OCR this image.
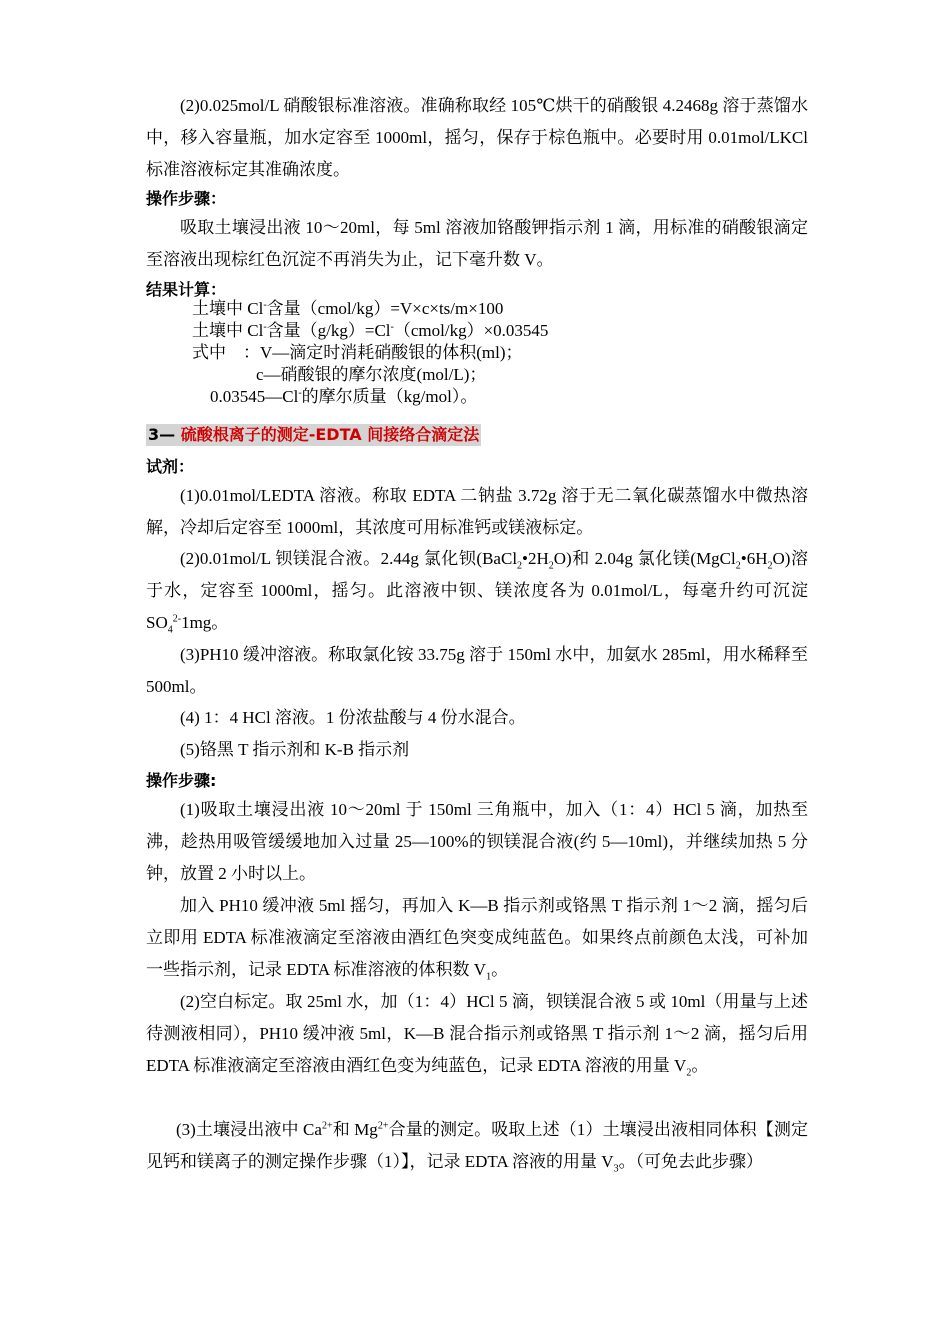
(2)0.025mol/L 硝酸银标准溶液。准确称取经 105℃烘干的硝酸银 4.2468g 溶于蒸馏水中，移入容量瓶，加水定容至 1000ml，摇匀，保存于棕色瓶中。必要时用 0.01mol/LKCl 标准溶液标定其准确浓度。

操作步骤：

吸取土壤浸出液 10～20ml，每 5ml 溶液加铬酸钾指示剂 1 滴，用标准的硝酸银滴定至溶液出现棕红色沉淀不再消失为止，记下毫升数 V。

结果计算：

土壤中 Cl-含量（cmol/kg）=V×c×ts/m×100

土壤中 Cl-含量（g/kg）=Cl-（cmol/kg）×0.03545

式中　：V—滴定时消耗硝酸银的体积(ml)；

c—硝酸银的摩尔浓度(mol/L)；

0.03545—Cl-的摩尔质量（kg/mol）。

3— 硫酸根离子的测定-EDTA 间接络合滴定法

试剂：

(1)0.01mol/LEDTA 溶液。称取 EDTA 二钠盐 3.72g 溶于无二氧化碳蒸馏水中微热溶解，冷却后定容至 1000ml，其浓度可用标准钙或镁液标定。

(2)0.01mol/L 钡镁混合液。2.44g 氯化钡$(BaCl_2•2H_2O)$和 2.04g 氯化镁$(MgCl_2•6H_2O)$溶于水，定容至 1000ml，摇匀。此溶液中钡、镁浓度各为 0.01mol/L，每毫升约可沉淀 $SO_4^{2-}1mg$。

(3)PH10 缓冲溶液。称取氯化铵 33.75g 溶于 150ml 水中，加氨水 285ml，用水稀释至 500ml。

(4) 1：4 HCl 溶液。1 份浓盐酸与 4 份水混合。

(5)铬黑 T 指示剂和 K-B 指示剂

操作步骤:

(1)吸取土壤浸出液 10～20ml 于 150ml 三角瓶中，加入（1：4）HCl 5 滴，加热至沸，趁热用吸管缓缓地加入过量 25—100%的钡镁混合液(约 5—10ml)，并继续加热 5 分钟，放置 2 小时以上。

加入 PH10 缓冲液 5ml 摇匀，再加入 K—B 指示剂或铬黑 T 指示剂 1～2 滴，摇匀后立即用 EDTA 标准液滴定至溶液由酒红色突变成纯蓝色。如果终点前颜色太浅，可补加一些指示剂，记录 EDTA 标准溶液的体积数 $V_1$。

(2)空白标定。取 25ml 水，加（1：4）HCl 5 滴，钡镁混合液 5 或 10ml（用量与上述待测液相同），PH10 缓冲液 5ml，K—B 混合指示剂或铬黑 T 指示剂 1～2 滴，摇匀后用 EDTA 标准液滴定至溶液由酒红色变为纯蓝色，记录 EDTA 溶液的用量 $V_2$。

(3)土壤浸出液中 $Ca^{2+}$和 $Mg^{2+}$合量的测定。吸取上述（1）土壤浸出液相同体积【测定见钙和镁离子的测定操作步骤（1）】，记录 EDTA 溶液的用量 $V_3$。（可免去此步骤）
